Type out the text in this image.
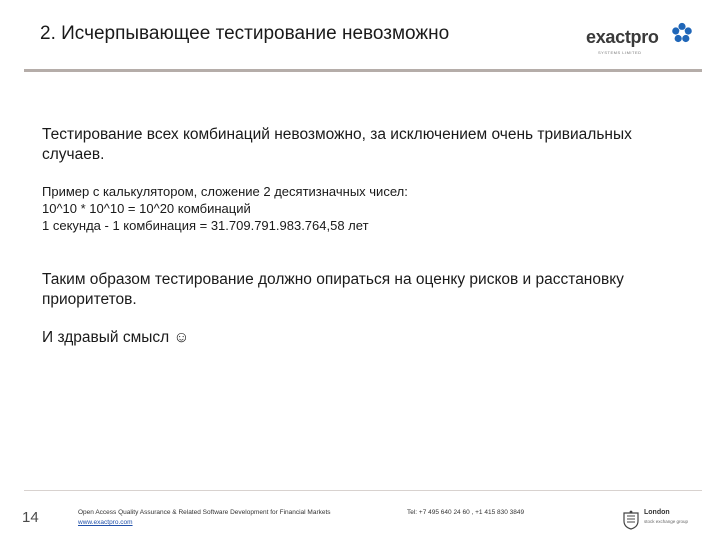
2. Исчерпывающее тестирование невозможно	exactpro
SYSTEMS LIMITED

Тестирование всех комбинаций невозможно, за исключением очень тривиальных
случаев.

Пример с калькулятором, сложение 2 десятизначных чисел:
10^10 * 10^10 = 10^20 комбинаций
1 секунда - 1 комбинация = 31.709.791.983.764,58 лет

Таким образом тестирование должно опираться на оценку рисков и расстановку
приоритетов.

И здравый смысл ☺

14	Open Access Quality Assurance & Related Software Development for Financial Markets
www.exactpro.com
Tel: +7 495 640 24 60 , +1 415 830 3849	London
stock exchange group
